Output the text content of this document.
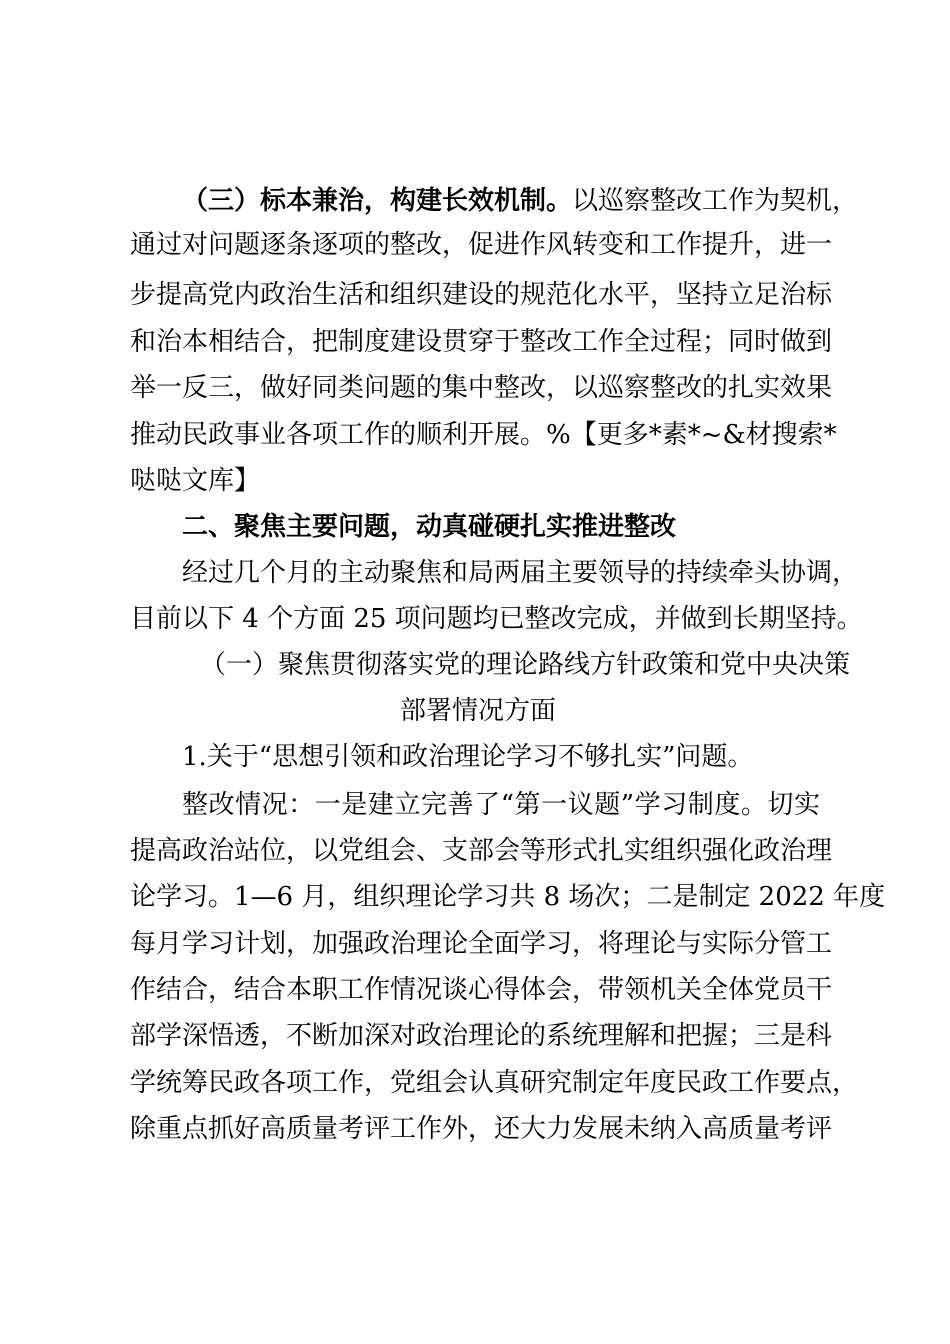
（三）标本兼治，构建长效机制。以巡察整改工作为契机，
通过对问题逐条逐项的整改，促进作风转变和工作提升，进一
步提高党内政治生活和组织建设的规范化水平，坚持立足治标
和治本相结合，把制度建设贯穿于整改工作全过程；同时做到
举一反三，做好同类问题的集中整改，以巡察整改的扎实效果
推动民政事业各项工作的顺利开展。%【更多*素*~&材搜索*
哒哒文库】
二、聚焦主要问题，动真碰硬扎实推进整改
经过几个月的主动聚焦和局两届主要领导的持续牵头协调，
目前以下 4 个方面 25 项问题均已整改完成，并做到长期坚持。
（一）聚焦贯彻落实党的理论路线方针政策和党中央决策
部署情况方面
1.关于“思想引领和政治理论学习不够扎实”问题。
整改情况：一是建立完善了“第一议题”学习制度。切实
提高政治站位，以党组会、支部会等形式扎实组织强化政治理
论学习。1—6 月，组织理论学习共 8 场次；二是制定 2022 年度
每月学习计划，加强政治理论全面学习，将理论与实际分管工
作结合，结合本职工作情况谈心得体会，带领机关全体党员干
部学深悟透，不断加深对政治理论的系统理解和把握；三是科
学统筹民政各项工作，党组会认真研究制定年度民政工作要点，
除重点抓好高质量考评工作外，还大力发展未纳入高质量考评
